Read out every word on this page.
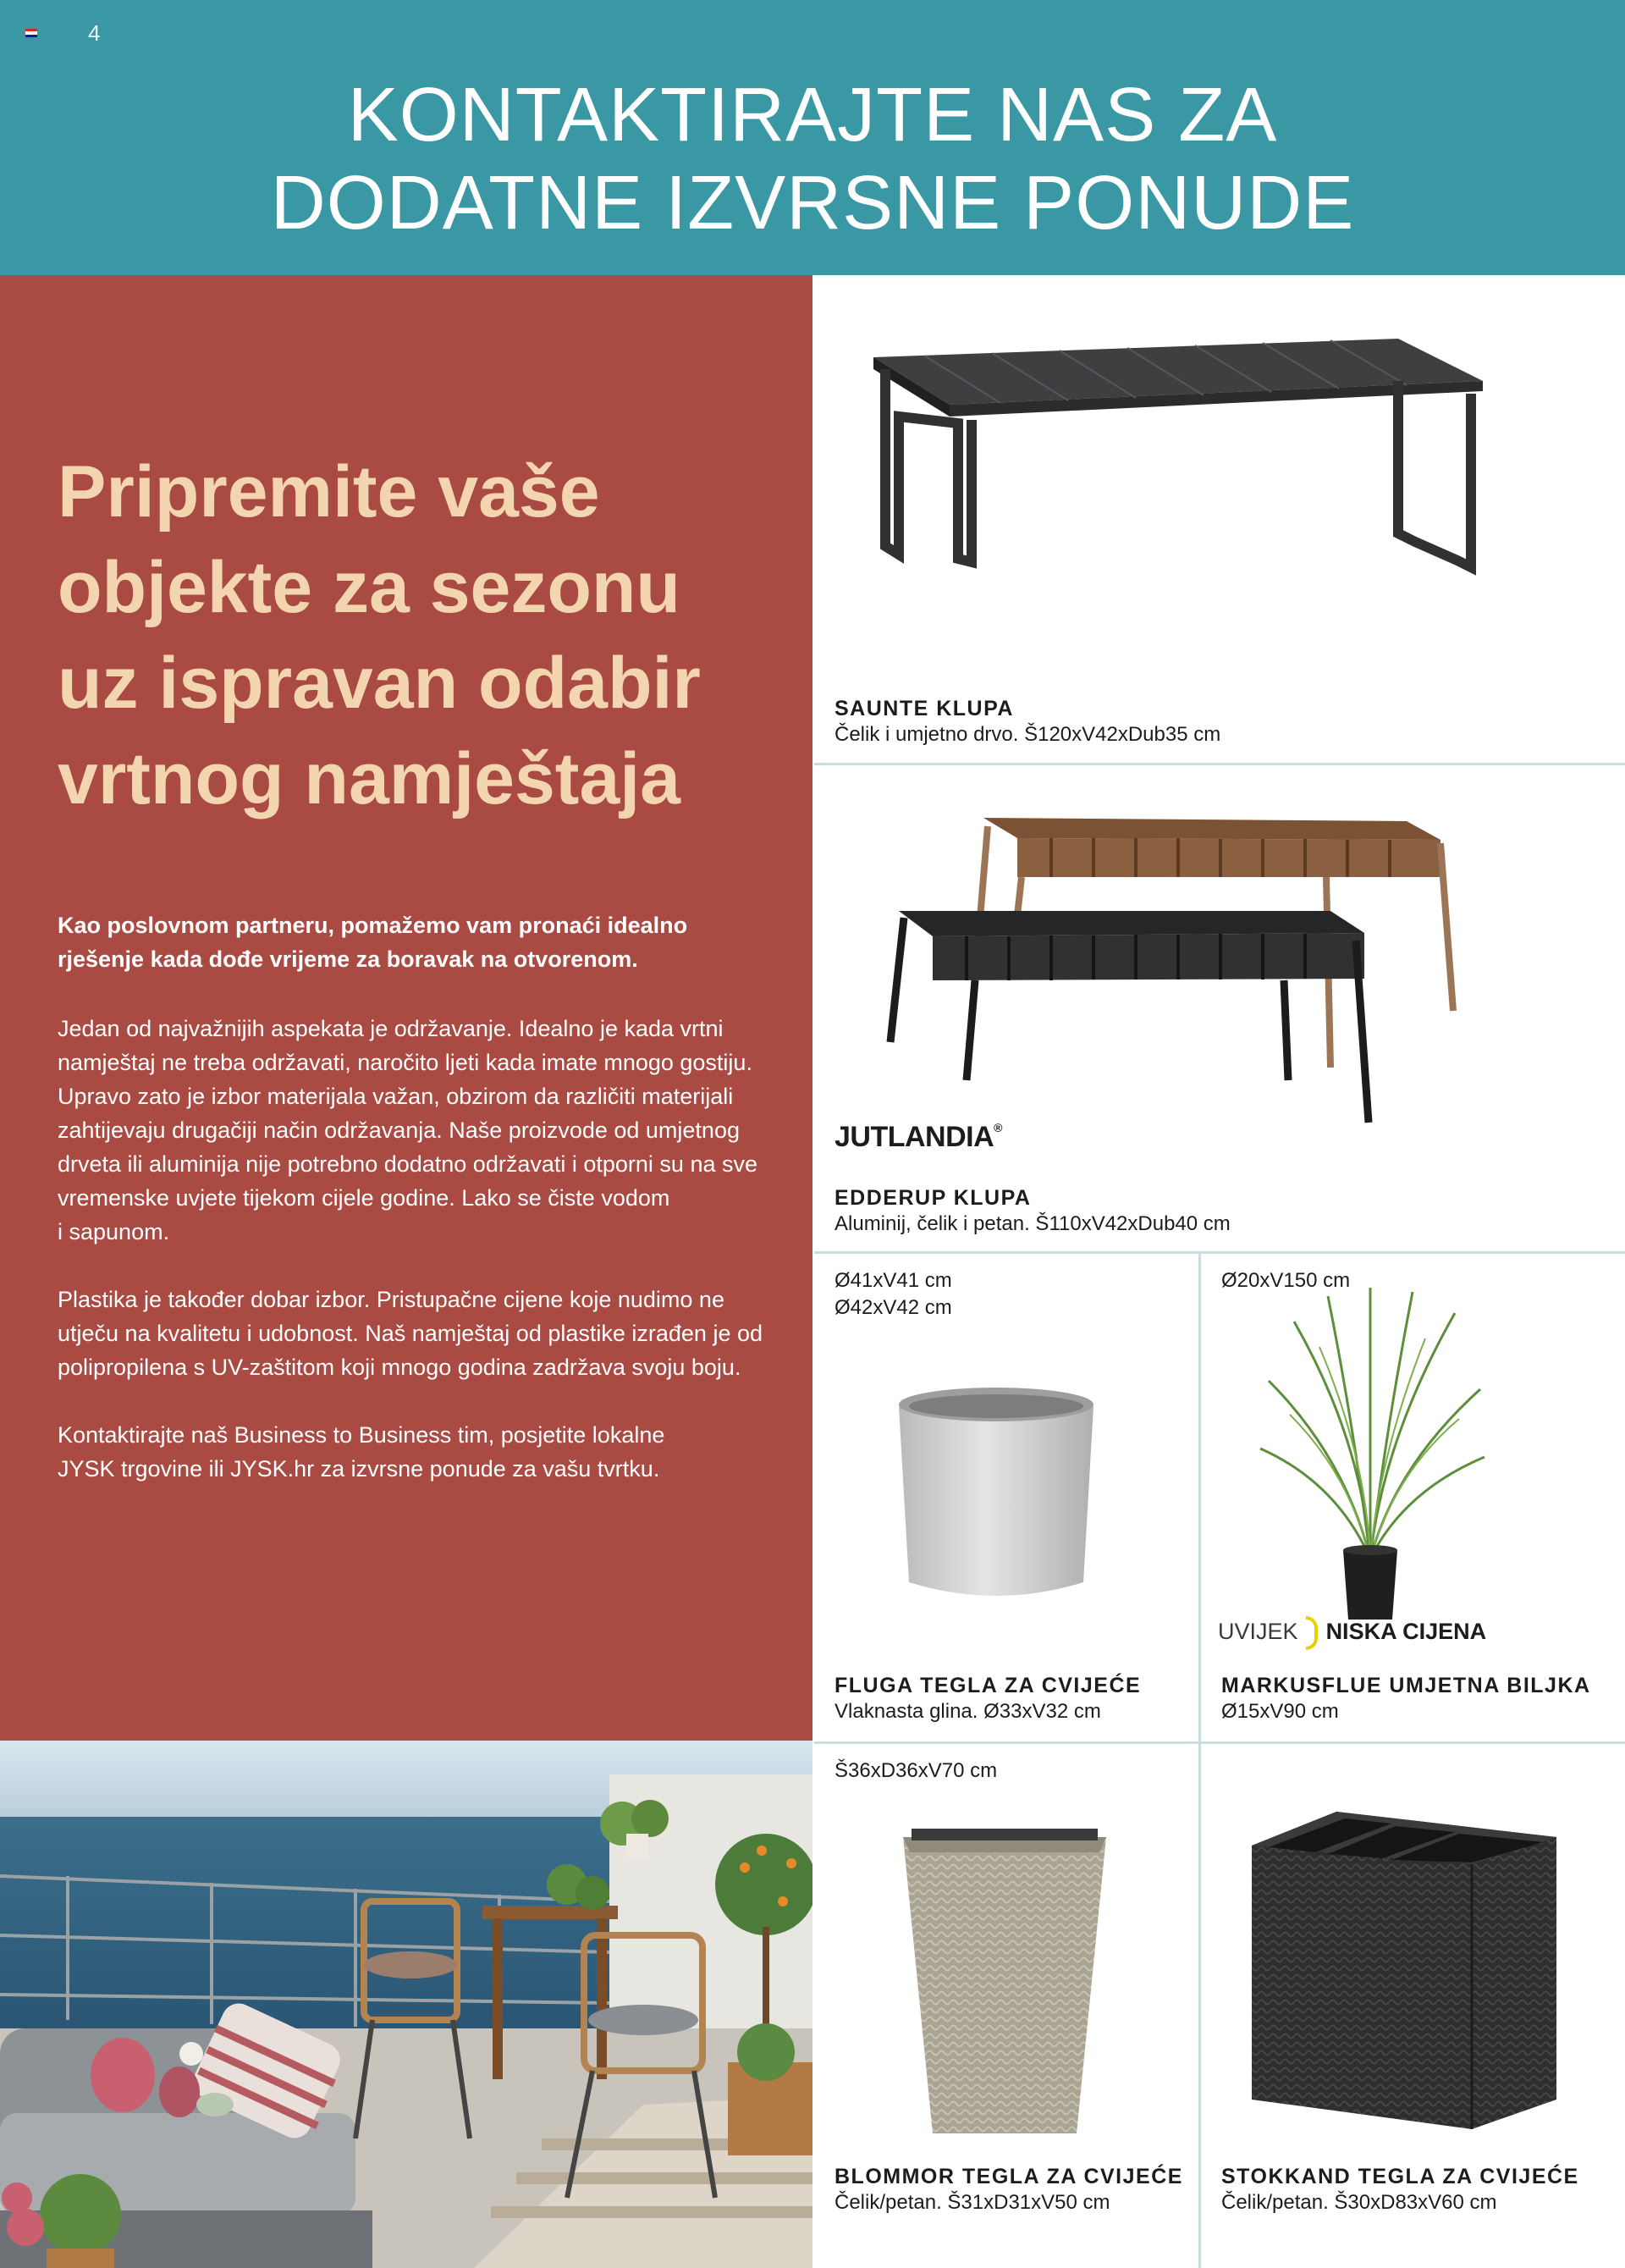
4
KONTAKTIRAJTE NAS ZA
DODATNE IZVRSNE PONUDE
Pripremite vaše
objekte za sezonu
uz ispravan odabir
vrtnog namještaja
Kao poslovnom partneru, pomažemo vam pronaći idealno
rješenje kada dođe vrijeme za boravak na otvorenom.

Jedan od najvažnijih aspekata je održavanje. Idealno je kada vrtni
namještaj ne treba održavati, naročito ljeti kada imate mnogo gostiju.
Upravo zato je izbor materijala važan, obzirom da različiti materijali
zahtijevaju drugačiji način održavanja. Naše proizvode od umjetnog
drveta ili aluminija nije potrebno dodatno održavati i otporni su na sve
vremenske uvjete tijekom cijele godine. Lako se čiste vodom
i sapunom.

Plastika je također dobar izbor. Pristupačne cijene koje nudimo ne
utječu na kvalitetu i udobnost. Naš namještaj od plastike izrađen je od
polipropilena s UV-zaštitom koji mnogo godina zadržava svoju boju.

Kontaktirajte naš Business to Business tim, posjetite lokalne
JYSK trgovine ili JYSK.hr za izvrsne ponude za vašu tvrtku.

SAUNTE KLUPA
Čelik i umjetno drvo. Š120xV42xDub35 cm
JUTLANDIA®
EDDERUP KLUPA
Aluminij, čelik i petan. Š110xV42xDub40 cm
Ø41xV41 cm
Ø42xV42 cm
FLUGA TEGLA ZA CVIJEĆE
Vlaknasta glina. Ø33xV32 cm
Ø20xV150 cm
UVIJEK NISKA CIJENA
MARKUSFLUE UMJETNA BILJKA
Ø15xV90 cm
Š36xD36xV70 cm
BLOMMOR TEGLA ZA CVIJEĆE
Čelik/petan. Š31xD31xV50 cm
STOKKAND TEGLA ZA CVIJEĆE
Čelik/petan. Š30xD83xV60 cm
